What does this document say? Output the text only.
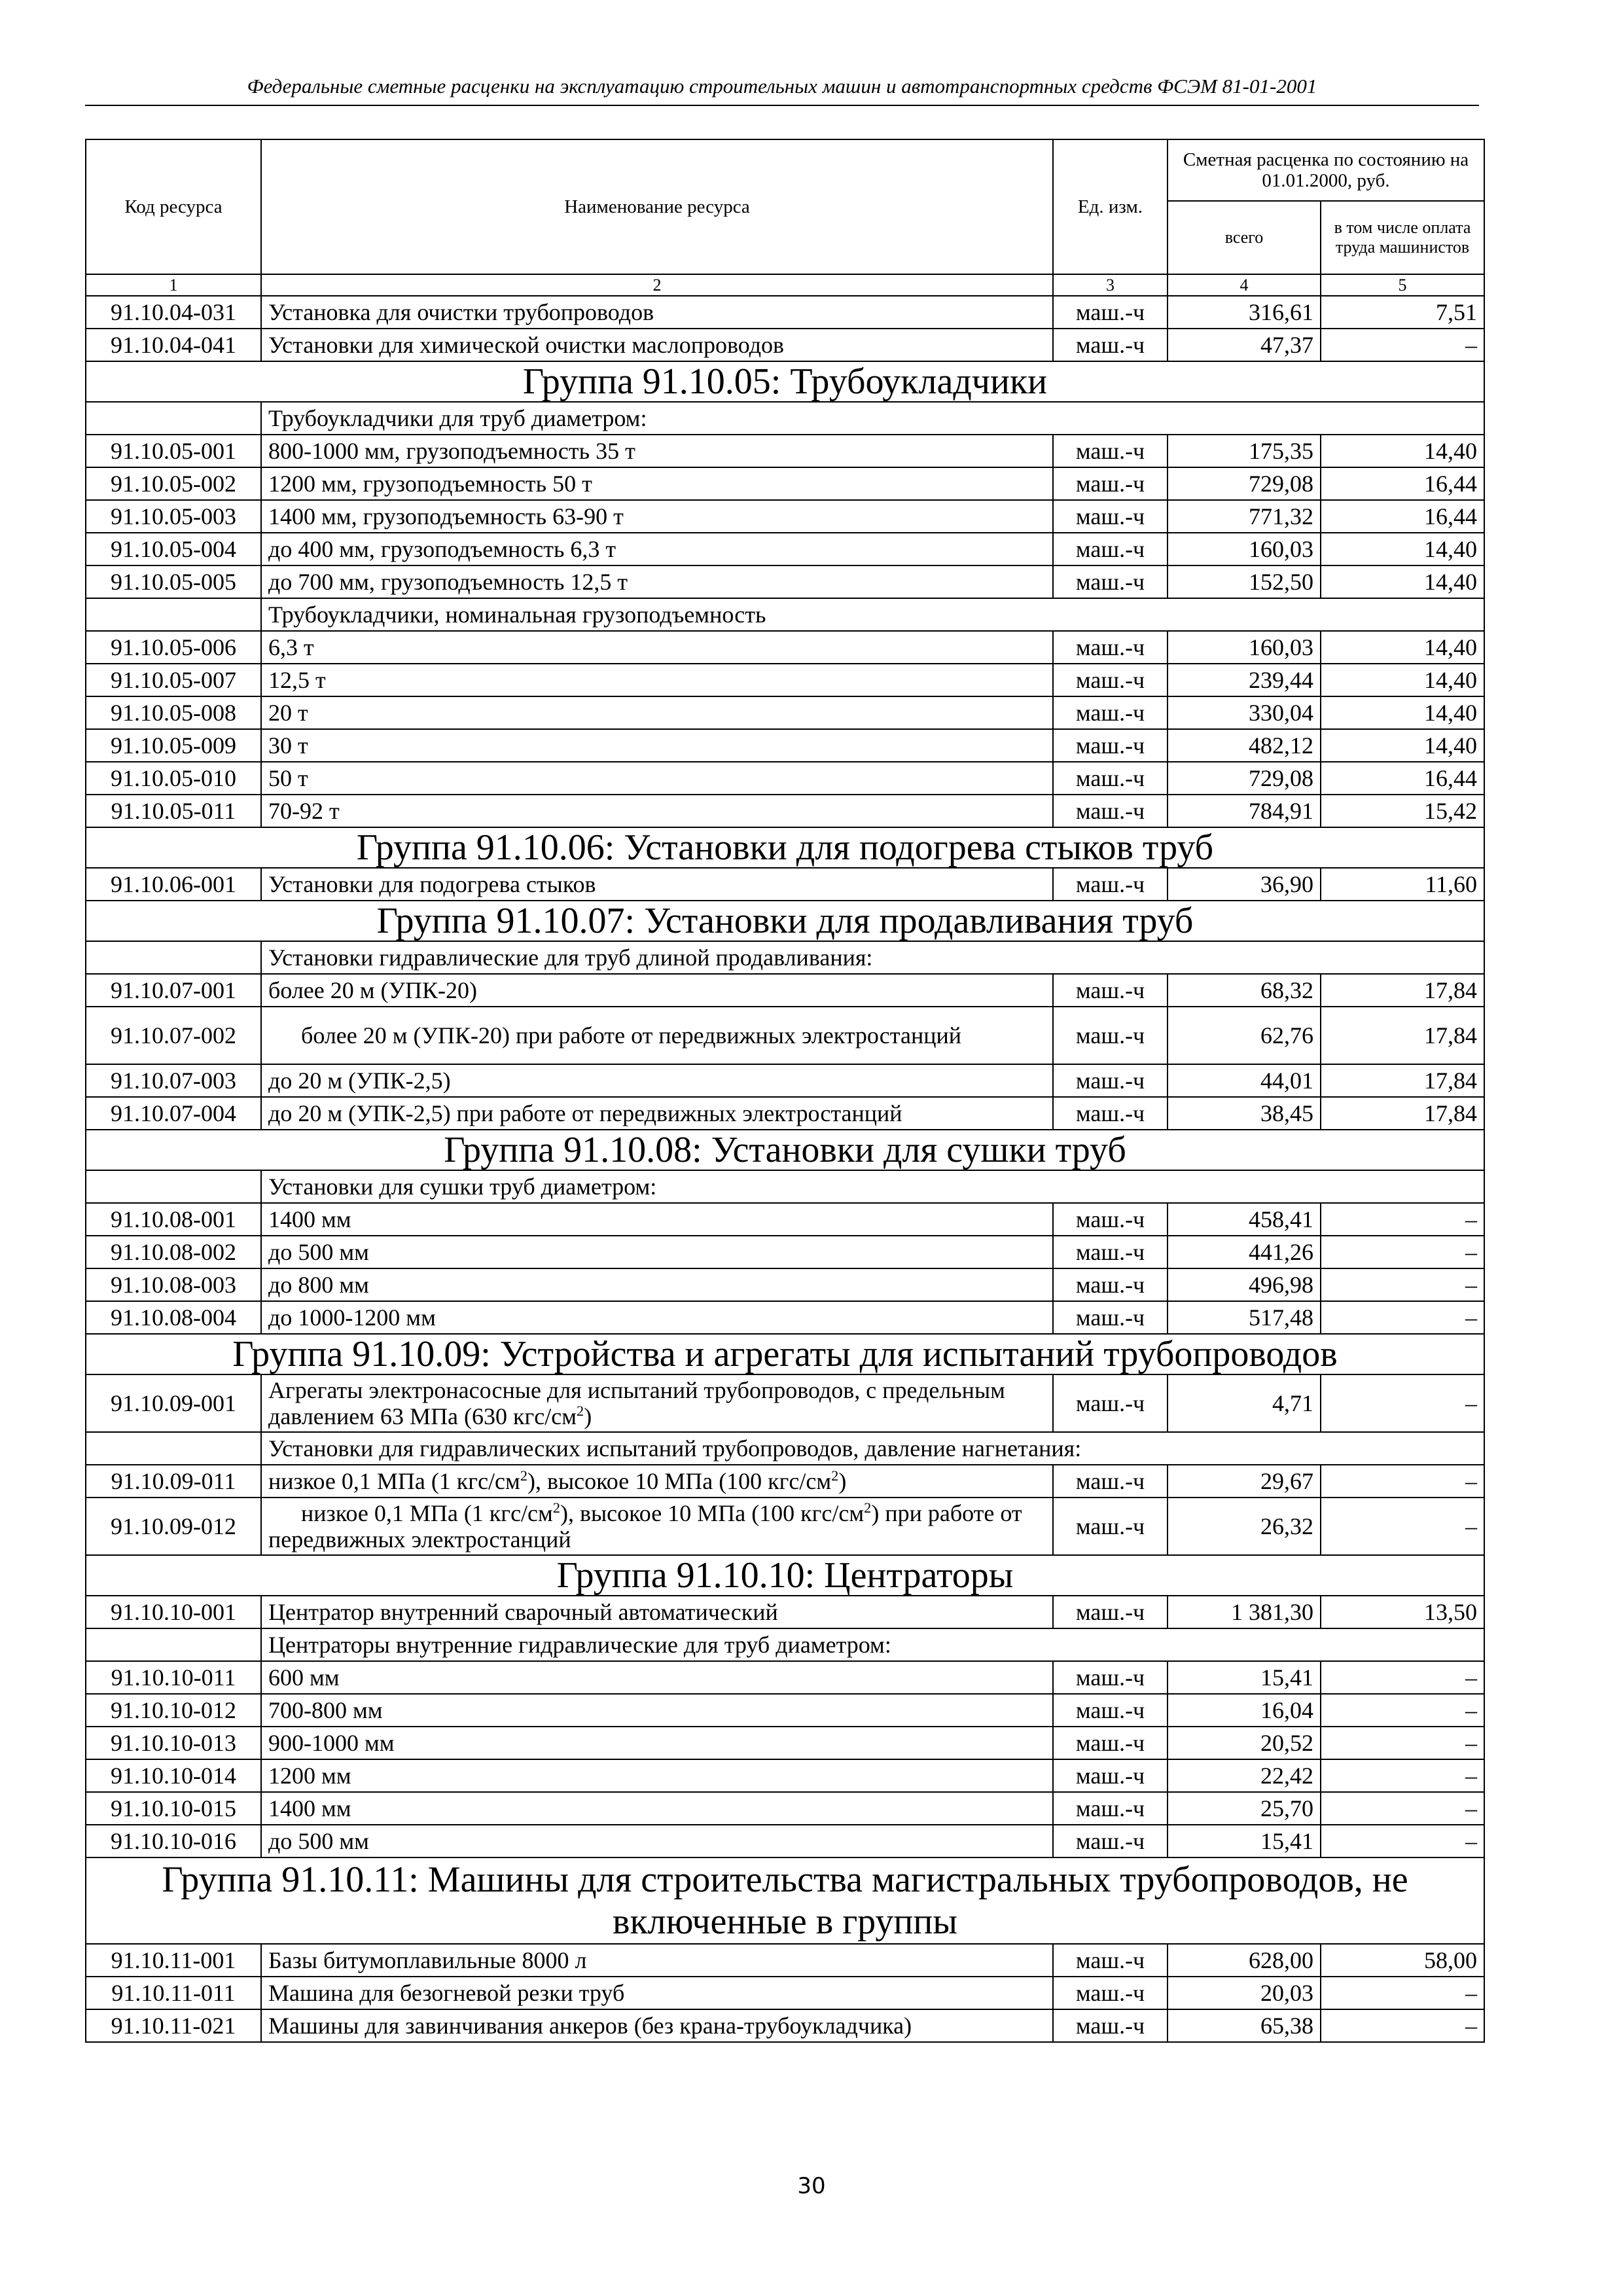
Федеральные сметные расценки на эксплуатацию строительных машин и автотранспортных средств ФСЭМ 81-01-2001
Код ресурса	Наименование ресурса	Ед. изм.	Сметная расценка по состоянию на 01.01.2000, руб.	
			всего	в том числе оплата труда машинистов
1	2	3	4	5
91.10.04-031	Установка для очистки трубопроводов	маш.-ч	316,61	7,51
91.10.04-041	Установки для химической очистки маслопроводов	маш.-ч	47,37	–
Группа 91.10.05: Трубоукладчики				
	Трубоукладчики для труб диаметром:			
91.10.05-001	800-1000 мм, грузоподъемность 35 т	маш.-ч	175,35	14,40
91.10.05-002	1200 мм, грузоподъемность 50 т	маш.-ч	729,08	16,44
91.10.05-003	1400 мм, грузоподъемность 63-90 т	маш.-ч	771,32	16,44
91.10.05-004	до 400 мм, грузоподъемность 6,3 т	маш.-ч	160,03	14,40
91.10.05-005	до 700 мм, грузоподъемность 12,5 т	маш.-ч	152,50	14,40
	Трубоукладчики, номинальная грузоподъемность			
91.10.05-006	6,3 т	маш.-ч	160,03	14,40
91.10.05-007	12,5 т	маш.-ч	239,44	14,40
91.10.05-008	20 т	маш.-ч	330,04	14,40
91.10.05-009	30 т	маш.-ч	482,12	14,40
91.10.05-010	50 т	маш.-ч	729,08	16,44
91.10.05-011	70-92 т	маш.-ч	784,91	15,42
Группа 91.10.06: Установки для подогрева стыков труб				
91.10.06-001	Установки для подогрева стыков	маш.-ч	36,90	11,60
Группа 91.10.07: Установки для продавливания труб				
	Установки гидравлические для труб длиной продавливания:			
91.10.07-001	более 20 м (УПК-20)	маш.-ч	68,32	17,84
91.10.07-002	более 20 м (УПК-20) при работе от передвижных электростанций	маш.-ч	62,76	17,84
91.10.07-003	до 20 м (УПК-2,5)	маш.-ч	44,01	17,84
91.10.07-004	до 20 м (УПК-2,5) при работе от передвижных электростанций	маш.-ч	38,45	17,84
Группа 91.10.08: Установки для сушки труб				
	Установки для сушки труб диаметром:			
91.10.08-001	1400 мм	маш.-ч	458,41	–
91.10.08-002	до 500 мм	маш.-ч	441,26	–
91.10.08-003	до 800 мм	маш.-ч	496,98	–
91.10.08-004	до 1000-1200 мм	маш.-ч	517,48	–
Группа 91.10.09: Устройства и агрегаты для испытаний трубопроводов				
91.10.09-001	Агрегаты электронасосные для испытаний трубопроводов, с предельным давлением 63 МПа (630 кгс/$см^2$)	маш.-ч	4,71	–
	Установки для гидравлических испытаний трубопроводов, давление нагнетания:			
91.10.09-011	низкое 0,1 МПа (1 кгс/$см^2$), высокое 10 МПа (100 кгс/$см^2$)	маш.-ч	29,67	–
91.10.09-012	низкое 0,1 МПа (1 кгс/$см^2$), высокое 10 МПа (100 кгс/$см^2$) при работе от передвижных электростанций	маш.-ч	26,32	–
Группа 91.10.10: Центраторы				
91.10.10-001	Центратор внутренний сварочный автоматический	маш.-ч	1 381,30	13,50
	Центраторы внутренние гидравлические для труб диаметром:			
91.10.10-011	600 мм	маш.-ч	15,41	–
91.10.10-012	700-800 мм	маш.-ч	16,04	–
91.10.10-013	900-1000 мм	маш.-ч	20,52	–
91.10.10-014	1200 мм	маш.-ч	22,42	–
91.10.10-015	1400 мм	маш.-ч	25,70	–
91.10.10-016	до 500 мм	маш.-ч	15,41	–
Группа 91.10.11: Машины для строительства магистральных трубопроводов, не включенные в группы				
91.10.11-001	Базы битумоплавильные 8000 л	маш.-ч	628,00	58,00
91.10.11-011	Машина для безогневой резки труб	маш.-ч	20,03	–
91.10.11-021	Машины для завинчивания анкеров (без крана-трубоукладчика)	маш.-ч	65,38	–
30
